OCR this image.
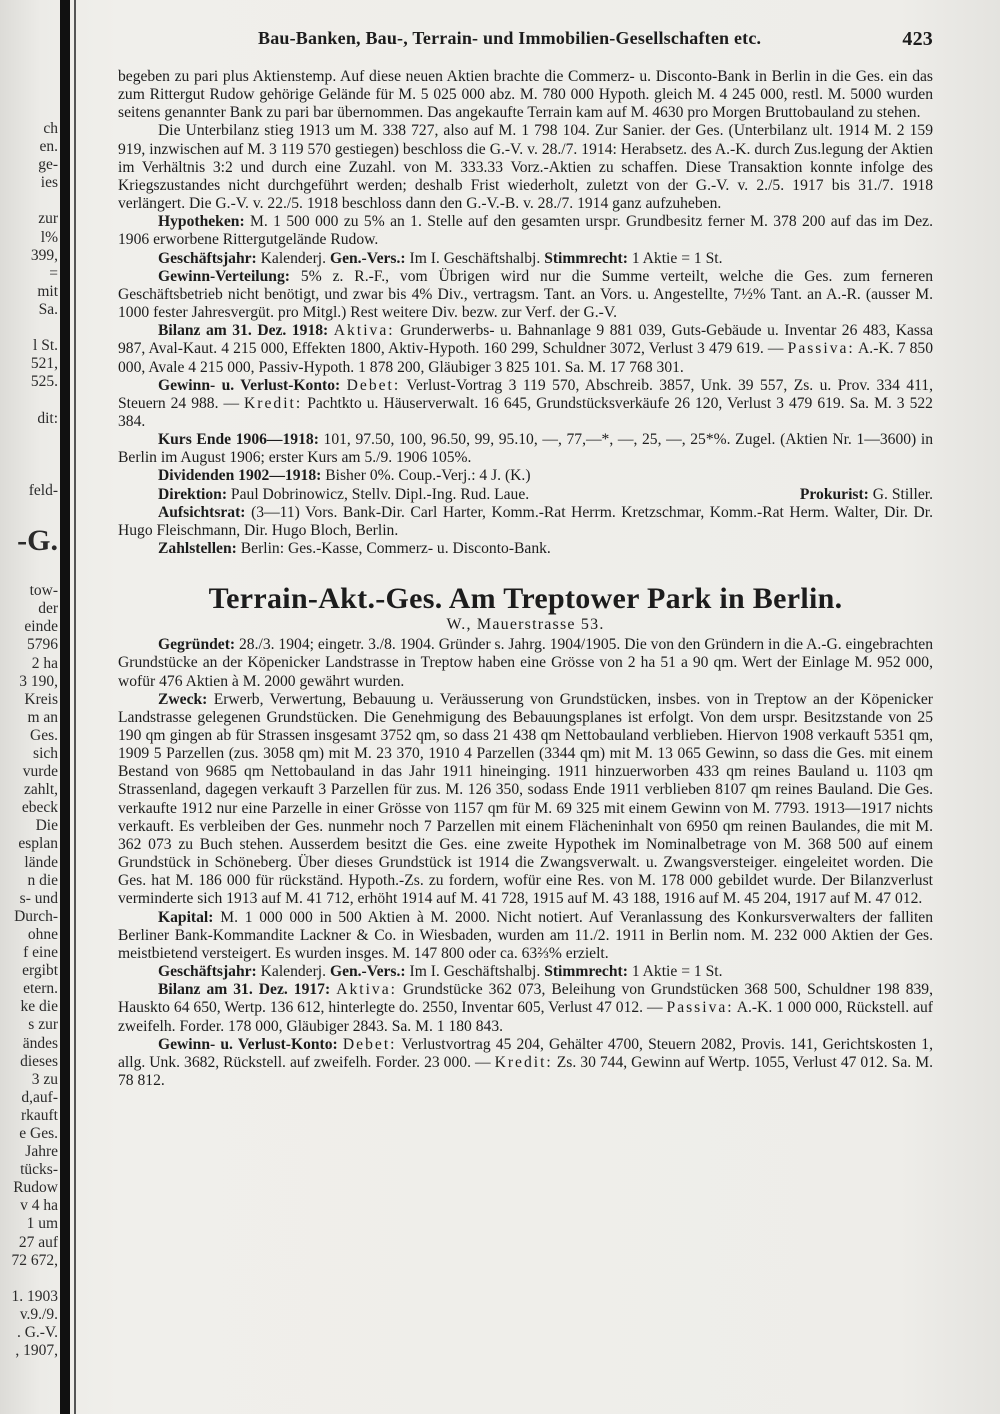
ch
en.
ge-
ies

zur
l%
399,
=
mit
Sa.

l St.
521,
525.

dit:

feld-

-G.

tow-
der
einde
5796
2 ha
3 190,
Kreis
m an
Ges.
sich
vurde
zahlt,
ebeck
Die
esplan
lände
n die
s- und
Durch-
ohne
f eine
ergibt
etern.
ke die
s zur
ändes
dieses
3 zu
d,auf-
rkauft
e Ges.
Jahre
tücks-
Rudow
v 4 ha
1 um
27 auf
72 672,

1. 1903
v.9./9.
. G.-V.
, 1907,
Bau-Banken, Bau-, Terrain- und Immobilien-Gesellschaften etc.	423

begeben zu pari plus Aktienstemp. Auf diese neuen Aktien brachte die Commerz- u. Disconto-Bank in Berlin in die Ges. ein das zum Rittergut Rudow gehörige Gelände für M. 5 025 000 abz. M. 780 000 Hypoth. gleich M. 4 245 000, restl. M. 5000 wurden seitens genannter Bank zu pari bar übernommen. Das angekaufte Terrain kam auf M. 4630 pro Morgen Bruttobauland zu stehen.

Die Unterbilanz stieg 1913 um M. 338 727, also auf M. 1 798 104. Zur Sanier. der Ges. (Unterbilanz ult. 1914 M. 2 159 919, inzwischen auf M. 3 119 570 gestiegen) beschloss die G.-V. v. 28./7. 1914: Herabsetz. des A.-K. durch Zus.legung der Aktien im Verhältnis 3:2 und durch eine Zuzahl. von M. 333.33 Vorz.-Aktien zu schaffen. Diese Transaktion konnte infolge des Kriegszustandes nicht durchgeführt werden; deshalb Frist wiederholt, zuletzt von der G.-V. v. 2./5. 1917 bis 31./7. 1918 verlängert. Die G.-V. v. 22./5. 1918 beschloss dann den G.-V.-B. v. 28./7. 1914 ganz aufzuheben.

Hypotheken: M. 1 500 000 zu 5% an 1. Stelle auf den gesamten urspr. Grundbesitz ferner M. 378 200 auf das im Dez. 1906 erworbene Rittergutgelände Rudow.

Geschäftsjahr: Kalenderj. Gen.-Vers.: Im I. Geschäftshalbj. Stimmrecht: 1 Aktie = 1 St.

Gewinn-Verteilung: 5% z. R.-F., vom Übrigen wird nur die Summe verteilt, welche die Ges. zum ferneren Geschäftsbetrieb nicht benötigt, und zwar bis 4% Div., vertragsm. Tant. an Vors. u. Angestellte, 7½% Tant. an A.-R. (ausser M. 1000 fester Jahresvergüt. pro Mitgl.) Rest weitere Div. bezw. zur Verf. der G.-V.

Bilanz am 31. Dez. 1918: Aktiva: Grunderwerbs- u. Bahnanlage 9 881 039, Guts-Gebäude u. Inventar 26 483, Kassa 987, Aval-Kaut. 4 215 000, Effekten 1800, Aktiv-Hypoth. 160 299, Schuldner 3072, Verlust 3 479 619. — Passiva: A.-K. 7 850 000, Avale 4 215 000, Passiv-Hypoth. 1 878 200, Gläubiger 3 825 101. Sa. M. 17 768 301.

Gewinn- u. Verlust-Konto: Debet: Verlust-Vortrag 3 119 570, Abschreib. 3857, Unk. 39 557, Zs. u. Prov. 334 411, Steuern 24 988. — Kredit: Pachtkto u. Häuserverwalt. 16 645, Grundstücksverkäufe 26 120, Verlust 3 479 619. Sa. M. 3 522 384.

Kurs Ende 1906—1918: 101, 97.50, 100, 96.50, 99, 95.10, —, 77,—*, —, 25, —, 25*%. Zugel. (Aktien Nr. 1—3600) in Berlin im August 1906; erster Kurs am 5./9. 1906 105%.

Dividenden 1902—1918: Bisher 0%. Coup.-Verj.: 4 J. (K.)

Direktion: Paul Dobrinowicz, Stellv. Dipl.-Ing. Rud. Laue.	Prokurist: G. Stiller.

Aufsichtsrat: (3—11) Vors. Bank-Dir. Carl Harter, Komm.-Rat Herrm. Kretzschmar, Komm.-Rat Herm. Walter, Dir. Dr. Hugo Fleischmann, Dir. Hugo Bloch, Berlin.

Zahlstellen: Berlin: Ges.-Kasse, Commerz- u. Disconto-Bank.

Terrain-Akt.-Ges. Am Treptower Park in Berlin.
W., Mauerstrasse 53.

Gegründet: 28./3. 1904; eingetr. 3./8. 1904. Gründer s. Jahrg. 1904/1905. Die von den Gründern in die A.-G. eingebrachten Grundstücke an der Köpenicker Landstrasse in Treptow haben eine Grösse von 2 ha 51 a 90 qm. Wert der Einlage M. 952 000, wofür 476 Aktien à M. 2000 gewährt wurden.

Zweck: Erwerb, Verwertung, Bebauung u. Veräusserung von Grundstücken, insbes. von in Treptow an der Köpenicker Landstrasse gelegenen Grundstücken. Die Genehmigung des Bebauungsplanes ist erfolgt. Von dem urspr. Besitzstande von 25 190 qm gingen ab für Strassen insgesamt 3752 qm, so dass 21 438 qm Nettobauland verblieben. Hiervon 1908 verkauft 5351 qm, 1909 5 Parzellen (zus. 3058 qm) mit M. 23 370, 1910 4 Parzellen (3344 qm) mit M. 13 065 Gewinn, so dass die Ges. mit einem Bestand von 9685 qm Nettobauland in das Jahr 1911 hineinging. 1911 hinzuerworben 433 qm reines Bauland u. 1103 qm Strassenland, dagegen verkauft 3 Parzellen für zus. M. 126 350, sodass Ende 1911 verblieben 8107 qm reines Bauland. Die Ges. verkaufte 1912 nur eine Parzelle in einer Grösse von 1157 qm für M. 69 325 mit einem Gewinn von M. 7793. 1913—1917 nichts verkauft. Es verbleiben der Ges. nunmehr noch 7 Parzellen mit einem Flächeninhalt von 6950 qm reinen Baulandes, die mit M. 362 073 zu Buch stehen. Ausserdem besitzt die Ges. eine zweite Hypothek im Nominalbetrage von M. 368 500 auf einem Grundstück in Schöneberg. Über dieses Grundstück ist 1914 die Zwangsverwalt. u. Zwangsversteiger. eingeleitet worden. Die Ges. hat M. 186 000 für rückständ. Hypoth.-Zs. zu fordern, wofür eine Res. von M. 178 000 gebildet wurde. Der Bilanzverlust verminderte sich 1913 auf M. 41 712, erhöht 1914 auf M. 41 728, 1915 auf M. 43 188, 1916 auf M. 45 204, 1917 auf M. 47 012.

Kapital: M. 1 000 000 in 500 Aktien à M. 2000. Nicht notiert. Auf Veranlassung des Konkursverwalters der falliten Berliner Bank-Kommandite Lackner & Co. in Wiesbaden, wurden am 11./2. 1911 in Berlin nom. M. 232 000 Aktien der Ges. meistbietend versteigert. Es wurden insges. M. 147 800 oder ca. 63⅔% erzielt.

Geschäftsjahr: Kalenderj. Gen.-Vers.: Im I. Geschäftshalbj. Stimmrecht: 1 Aktie = 1 St.

Bilanz am 31. Dez. 1917: Aktiva: Grundstücke 362 073, Beleihung von Grundstücken 368 500, Schuldner 198 839, Hauskto 64 650, Wertp. 136 612, hinterlegte do. 2550, Inventar 605, Verlust 47 012. — Passiva: A.-K. 1 000 000, Rückstell. auf zweifelh. Forder. 178 000, Gläubiger 2843. Sa. M. 1 180 843.

Gewinn- u. Verlust-Konto: Debet: Verlustvortrag 45 204, Gehälter 4700, Steuern 2082, Provis. 141, Gerichtskosten 1, allg. Unk. 3682, Rückstell. auf zweifelh. Forder. 23 000. — Kredit: Zs. 30 744, Gewinn auf Wertp. 1055, Verlust 47 012. Sa. M. 78 812.
